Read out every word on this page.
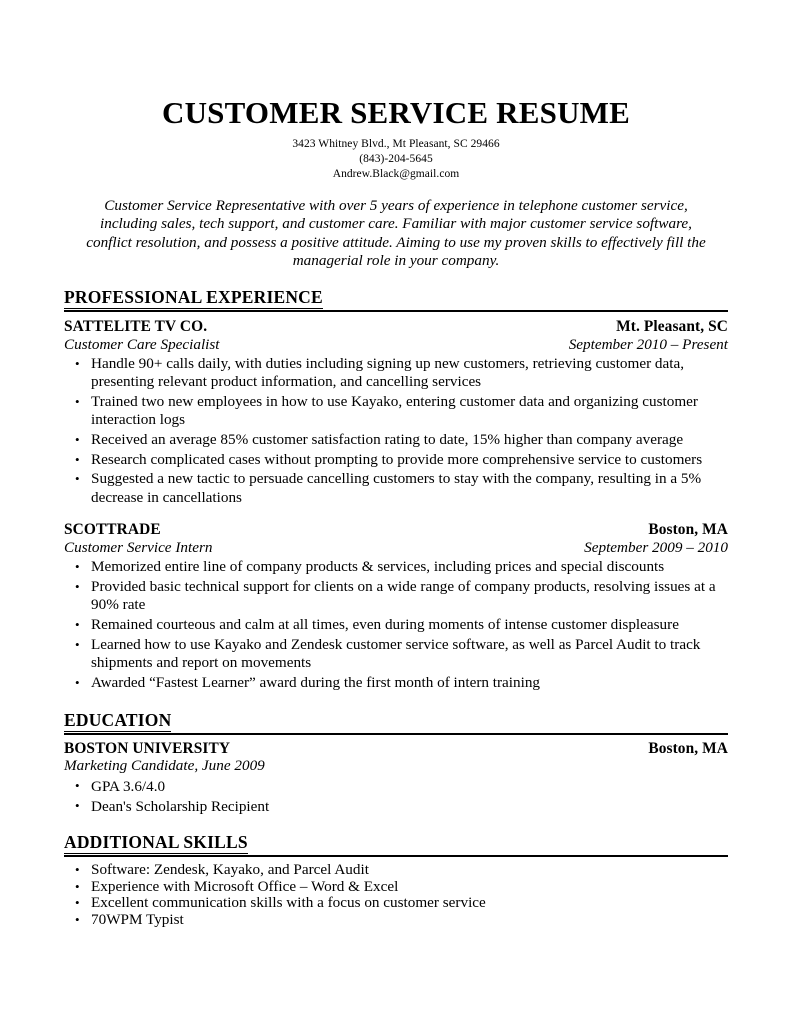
CUSTOMER SERVICE RESUME
3423 Whitney Blvd., Mt Pleasant, SC 29466
(843)-204-5645
Andrew.Black@gmail.com
Customer Service Representative with over 5 years of experience in telephone customer service, including sales, tech support, and customer care. Familiar with major customer service software, conflict resolution, and possess a positive attitude. Aiming to use my proven skills to effectively fill the managerial role in your company.
PROFESSIONAL EXPERIENCE
SATTELITE TV CO.	Mt. Pleasant, SC
Customer Care Specialist	September 2010 – Present
• Handle 90+ calls daily, with duties including signing up new customers, retrieving customer data, presenting relevant product information, and cancelling services
• Trained two new employees in how to use Kayako, entering customer data and organizing customer interaction logs
• Received an average 85% customer satisfaction rating to date, 15% higher than company average
• Research complicated cases without prompting to provide more comprehensive service to customers
• Suggested a new tactic to persuade cancelling customers to stay with the company, resulting in a 5% decrease in cancellations
SCOTTRADE	Boston, MA
Customer Service Intern	September 2009 – 2010
• Memorized entire line of company products & services, including prices and special discounts
• Provided basic technical support for clients on a wide range of company products, resolving issues at a 90% rate
• Remained courteous and calm at all times, even during moments of intense customer displeasure
• Learned how to use Kayako and Zendesk customer service software, as well as Parcel Audit to track shipments and report on movements
• Awarded “Fastest Learner” award during the first month of intern training
EDUCATION
BOSTON UNIVERSITY	Boston, MA
Marketing Candidate, June 2009
• GPA 3.6/4.0
• Dean's Scholarship Recipient
ADDITIONAL SKILLS
• Software: Zendesk, Kayako, and Parcel Audit
• Experience with Microsoft Office – Word & Excel
• Excellent communication skills with a focus on customer service
• 70WPM Typist
